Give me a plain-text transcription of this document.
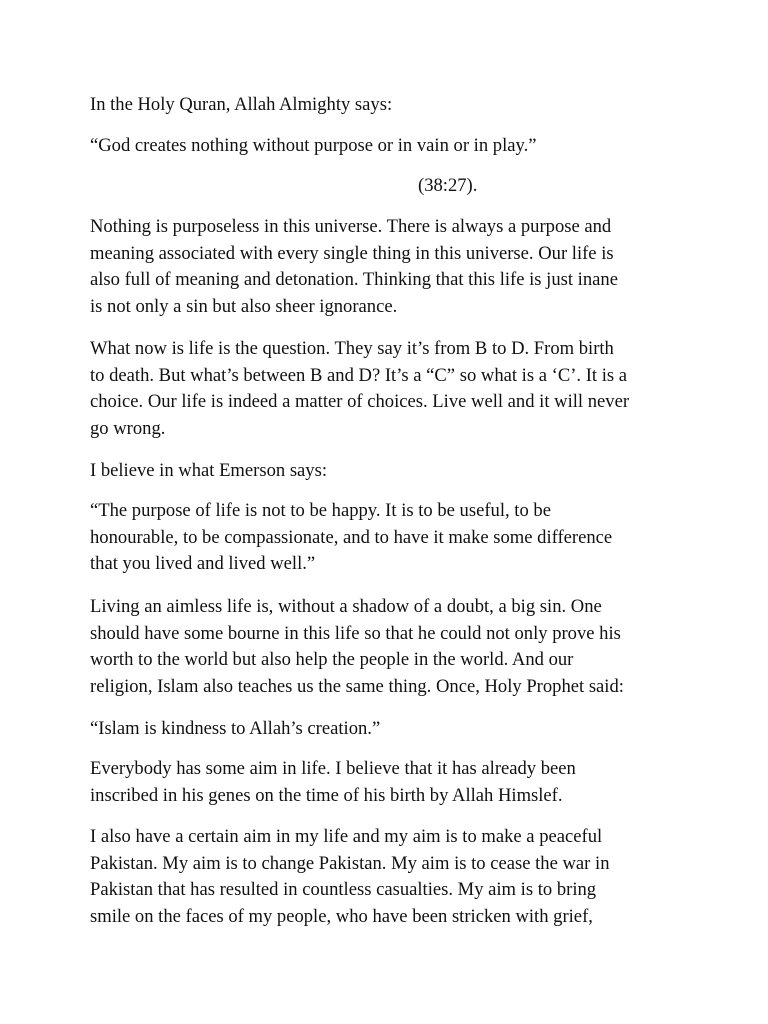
In the Holy Quran, Allah Almighty says:

“God creates nothing without purpose or in vain or in play.”

(38:27).

Nothing is purposeless in this universe. There is always a purpose and
meaning associated with every single thing in this universe. Our life is
also full of meaning and detonation. Thinking that this life is just inane
is not only a sin but also sheer ignorance.

What now is life is the question. They say it’s from B to D. From birth
to death. But what’s between B and D? It’s a “C” so what is a ‘C’. It is a
choice. Our life is indeed a matter of choices. Live well and it will never
go wrong.

I believe in what Emerson says:

“The purpose of life is not to be happy. It is to be useful, to be
honourable, to be compassionate, and to have it make some difference
that you lived and lived well.”

Living an aimless life is, without a shadow of a doubt, a big sin. One
should have some bourne in this life so that he could not only prove his
worth to the world but also help the people in the world. And our
religion, Islam also teaches us the same thing. Once, Holy Prophet said:

“Islam is kindness to Allah’s creation.”

Everybody has some aim in life. I believe that it has already been
inscribed in his genes on the time of his birth by Allah Himslef.

I also have a certain aim in my life and my aim is to make a peaceful
Pakistan. My aim is to change Pakistan. My aim is to cease the war in
Pakistan that has resulted in countless casualties. My aim is to bring
smile on the faces of my people, who have been stricken with grief,
